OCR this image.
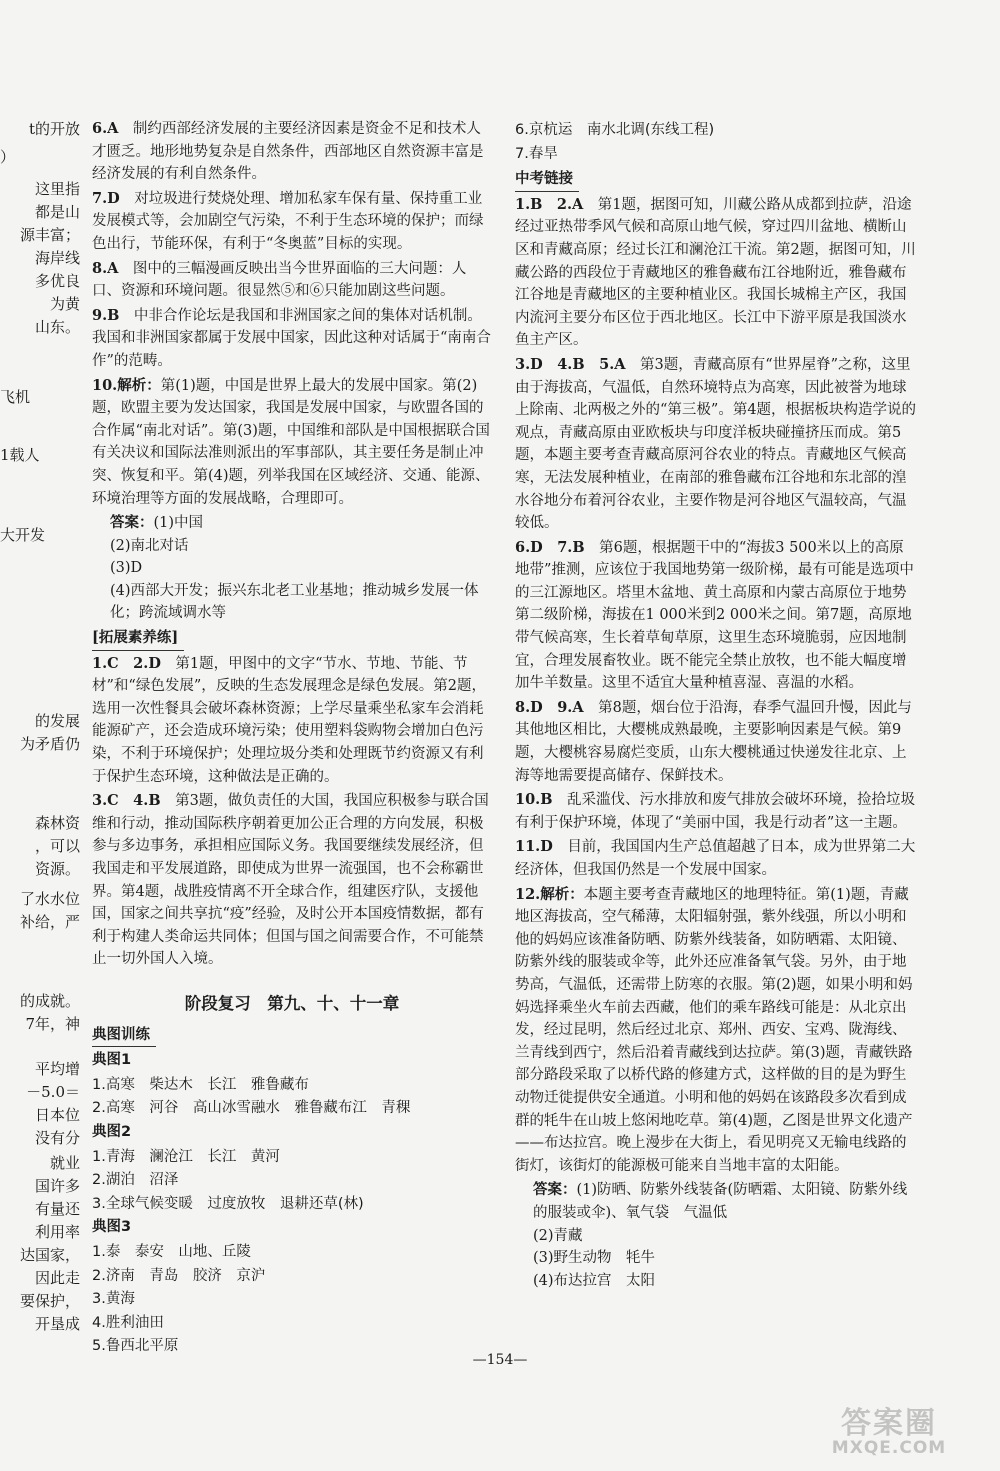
t的开放
）
这里指
都是山
源丰富；
海岸线
多优良
为黄
山东。
飞机
1载人
大开发
的发展
为矛盾仍
森林资
，可以
资源。
了水水位
补给，严
的成就。
7年，神
平均增
－5.0＝
日本位
没有分
就业
国许多
有量还
利用率
达国家，
因此走
要保护，
开垦成
6.A　 制约西部经济发展的主要经济因素是资金不足和技术人才匮乏。地形地势复杂是自然条件，西部地区自然资源丰富是经济发展的有利自然条件。
7.D　 对垃圾进行焚烧处理、增加私家车保有量、保持重工业发展模式等，会加剧空气污染，不利于生态环境的保护；而绿色出行，节能环保，有利于“冬奥蓝”目标的实现。
8.A　 图中的三幅漫画反映出当今世界面临的三大问题：人口、资源和环境问题。很显然⑤和⑥只能加剧这些问题。
9.B　 中非合作论坛是我国和非洲国家之间的集体对话机制。我国和非洲国家都属于发展中国家，因此这种对话属于“南南合作”的范畴。
10.解析：第(1)题，中国是世界上最大的发展中国家。第(2)题，欧盟主要为发达国家，我国是发展中国家，与欧盟各国的合作属“南北对话”。第(3)题，中国维和部队是中国根据联合国有关决议和国际法准则派出的军事部队，其主要任务是制止冲突、恢复和平。第(4)题，列举我国在区域经济、交通、能源、环境治理等方面的发展战略，合理即可。
答案：(1)中国
(2)南北对话
(3)D
(4)西部大开发；振兴东北老工业基地；推动城乡发展一体化；跨流域调水等
[拓展素养练]
1.C　2.D　 第1题，甲图中的文字“节水、节地、节能、节材”和“绿色发展”，反映的生态发展理念是绿色发展。第2题，选用一次性餐具会破坏森林资源；上学尽量乘坐私家车会消耗能源矿产，还会造成环境污染；使用塑料袋购物会增加白色污染，不利于环境保护；处理垃圾分类和处理既节约资源又有利于保护生态环境，这种做法是正确的。
3.C　4.B　 第3题，做负责任的大国，我国应积极参与联合国维和行动，推动国际秩序朝着更加公正合理的方向发展，积极参与多边事务，承担相应国际义务。我国要继续发展经济，但我国走和平发展道路，即使成为世界一流强国，也不会称霸世界。第4题，战胜疫情离不开全球合作，组建医疗队，支援他国，国家之间共享抗“疫”经验，及时公开本国疫情数据，都有利于构建人类命运共同体；但国与国之间需要合作，不可能禁止一切外国人入境。
阶段复习　第九、十、十一章
典图训练
典图1
1.高寒　柴达木　长江　雅鲁藏布
2.高寒　河谷　高山冰雪融水　雅鲁藏布江　青稞
典图2
1.青海　澜沧江　长江　黄河
2.湖泊　沼泽
3.全球气候变暖　过度放牧　退耕还草(林)
典图3
1.泰　泰安　山地、丘陵
2.济南　青岛　胶济　京沪
3.黄海
4.胜利油田
5.鲁西北平原
6.京杭运　南水北调(东线工程)
7.春旱
中考链接
1.B　2.A　 第1题，据图可知，川藏公路从成都到拉萨，沿途经过亚热带季风气候和高原山地气候，穿过四川盆地、横断山区和青藏高原；经过长江和澜沧江干流。第2题，据图可知，川藏公路的西段位于青藏地区的雅鲁藏布江谷地附近，雅鲁藏布江谷地是青藏地区的主要种植业区。我国长城棉主产区，我国内流河主要分布区位于西北地区。长江中下游平原是我国淡水鱼主产区。
3.D　4.B　5.A　 第3题，青藏高原有“世界屋脊”之称，这里由于海拔高，气温低，自然环境特点为高寒，因此被誉为地球上除南、北两极之外的“第三极”。第4题，根据板块构造学说的观点，青藏高原由亚欧板块与印度洋板块碰撞挤压而成。第5题，本题主要考查青藏高原河谷农业的特点。青藏地区气候高寒，无法发展种植业，在南部的雅鲁藏布江谷地和东北部的湟水谷地分布着河谷农业，主要作物是河谷地区气温较高，气温较低。
6.D　7.B　 第6题，根据题干中的“海拔3 500米以上的高原地带”推测，应该位于我国地势第一级阶梯，最有可能是选项中的三江源地区。塔里木盆地、黄土高原和内蒙古高原位于地势第二级阶梯，海拔在1 000米到2 000米之间。第7题，高原地带气候高寒，生长着草甸草原，这里生态环境脆弱，应因地制宜，合理发展畜牧业。既不能完全禁止放牧，也不能大幅度增加牛羊数量。这里不适宜大量种植喜湿、喜温的水稻。
8.D　9.A　 第8题，烟台位于沿海，春季气温回升慢，因此与其他地区相比，大樱桃成熟最晚，主要影响因素是气候。第9题，大樱桃容易腐烂变质，山东大樱桃通过快递发往北京、上海等地需要提高储存、保鲜技术。
10.B　 乱采滥伐、污水排放和废气排放会破坏环境，捡拾垃圾有利于保护环境，体现了“美丽中国，我是行动者”这一主题。
11.D　 目前，我国国内生产总值超越了日本，成为世界第二大经济体，但我国仍然是一个发展中国家。
12.解析：本题主要考查青藏地区的地理特征。第(1)题，青藏地区海拔高，空气稀薄，太阳辐射强，紫外线强，所以小明和他的妈妈应该准备防晒、防紫外线装备，如防晒霜、太阳镜、防紫外线的服装或伞等，此外还应准备氧气袋。另外，由于地势高，气温低，还需带上防寒的衣服。第(2)题，如果小明和妈妈选择乘坐火车前去西藏，他们的乘车路线可能是：从北京出发，经过昆明，然后经过北京、郑州、西安、宝鸡、陇海线、兰青线到西宁，然后沿着青藏线到达拉萨。第(3)题，青藏铁路部分路段采取了以桥代路的修建方式，这样做的目的是为野生动物迁徙提供安全通道。小明和他的妈妈在该路段多次看到成群的牦牛在山坡上悠闲地吃草。第(4)题，乙图是世界文化遗产——布达拉宫。晚上漫步在大街上，看见明亮又无输电线路的街灯，该街灯的能源极可能来自当地丰富的太阳能。
答案：(1)防晒、防紫外线装备(防晒霜、太阳镜、防紫外线的服装或伞)、氧气袋　气温低
(2)青藏
(3)野生动物　牦牛
(4)布达拉宫　太阳
—154—
答案圈
MXQE.COM
